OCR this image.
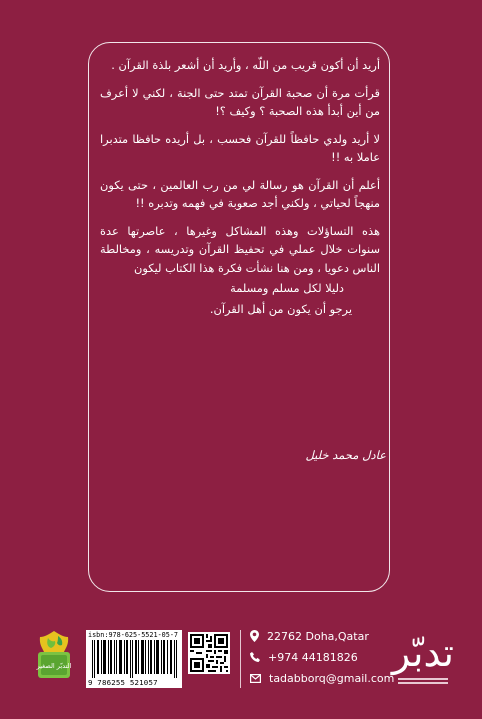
أريد أن أكون قريب من اللّه ، وأريد أن أشعر بلذة القرآن .

قرأت مرة أن صحبة القرآن تمتد حتى الجنة ، لكني لا أعرف من أين أبدأ هذه الصحبة ؟ وكيف ؟!

لا أريد ولدي حافظاً للقرآن فحسب ، بل أريده حافظا متدبرا عاملا به !!

أعلم أن القرآن هو رسالة لي من رب العالمين ، حتى يكون منهجاً لحياتي ، ولكني أجد صعوبة في فهمه وتدبره !!

هذه التساؤلات وهذه المشاكل وغيرها ، عاصرتها عدة سنوات خلال عملي في تحفيظ القرآن وتدريسه ، ومخالطة الناس دعويا ، ومن هنا نشأت فكرة هذا الكتاب ليكون

دليلا لكل مسلم ومسلمة

يرجو أن يكون من أهل القرآن.

عادل محمد خليل
تدبّر
22762 Doha,Qatar
+974 44181826
tadabborq@gmail.com
isbn:978-625-5521-05-7
9 786255 521057
التدبّر الصغير
